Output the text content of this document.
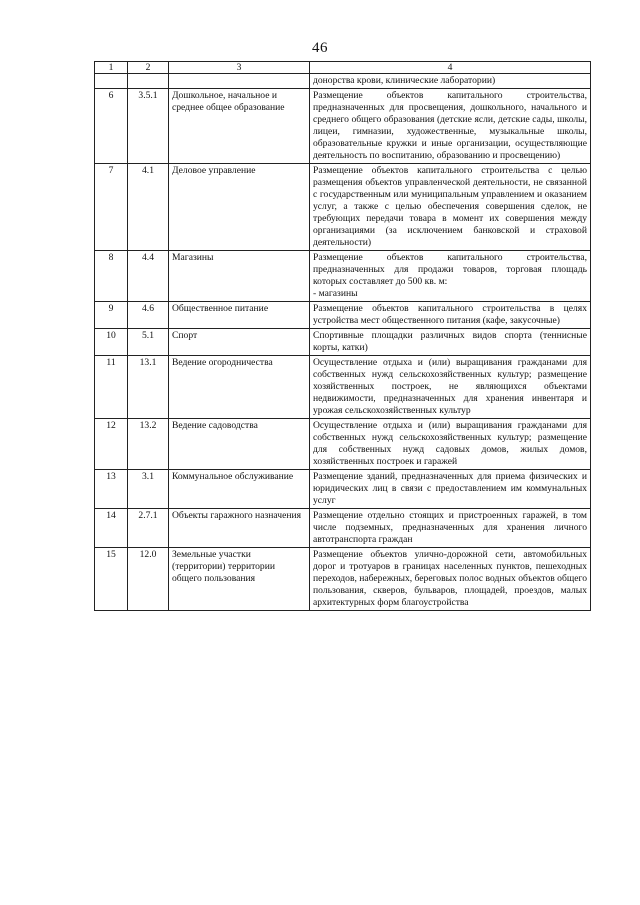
46
1	2	3	4
			донорства крови, клинические лаборатории)
6	3.5.1	Дошкольное, начальное и среднее общее образование	Размещение объектов капитального строительства, предназначенных для просвещения, дошкольного, начального и среднего общего образования (детские ясли, детские сады, школы, лицеи, гимназии, художественные, музыкальные школы, образовательные кружки и иные организации, осуществляющие деятельность по воспитанию, образованию и просвещению)
7	4.1	Деловое управление	Размещение объектов капитального строительства с целью размещения объектов управленческой деятельности, не связанной с государственным или муниципальным управлением и оказанием услуг, а также с целью обеспечения совершения сделок, не требующих передачи товара в момент их совершения между организациями (за исключением банковской и страховой деятельности)
8	4.4	Магазины	Размещение объектов капитального строительства, предназначенных для продажи товаров, торговая площадь которых составляет до 500 кв. м:
- магазины
9	4.6	Общественное питание	Размещение объектов капитального строительства в целях устройства мест общественного питания (кафе, закусочные)
10	5.1	Спорт	Спортивные площадки различных видов спорта (теннисные корты, катки)
11	13.1	Ведение огородничества	Осуществление отдыха и (или) выращивания гражданами для собственных нужд сельскохозяйственных культур; размещение хозяйственных построек, не являющихся объектами недвижимости, предназначенных для хранения инвентаря и урожая сельскохозяйственных культур
12	13.2	Ведение садоводства	Осуществление отдыха и (или) выращивания гражданами для собственных нужд сельскохозяйственных культур; размещение для собственных нужд садовых домов, жилых домов, хозяйственных построек и гаражей
13	3.1	Коммунальное обслуживание	Размещение зданий, предназначенных для приема физических и юридических лиц в связи с предоставлением им коммунальных услуг
14	2.7.1	Объекты гаражного назначения	Размещение отдельно стоящих и пристроенных гаражей, в том числе подземных, предназначенных для хранения личного автотранспорта граждан
15	12.0	Земельные участки (территории) территории общего пользования	Размещение объектов улично-дорожной сети, автомобильных дорог и тротуаров в границах населенных пунктов, пешеходных переходов, набережных, береговых полос водных объектов общего пользования, скверов, бульваров, площадей, проездов, малых архитектурных форм благоустройства
